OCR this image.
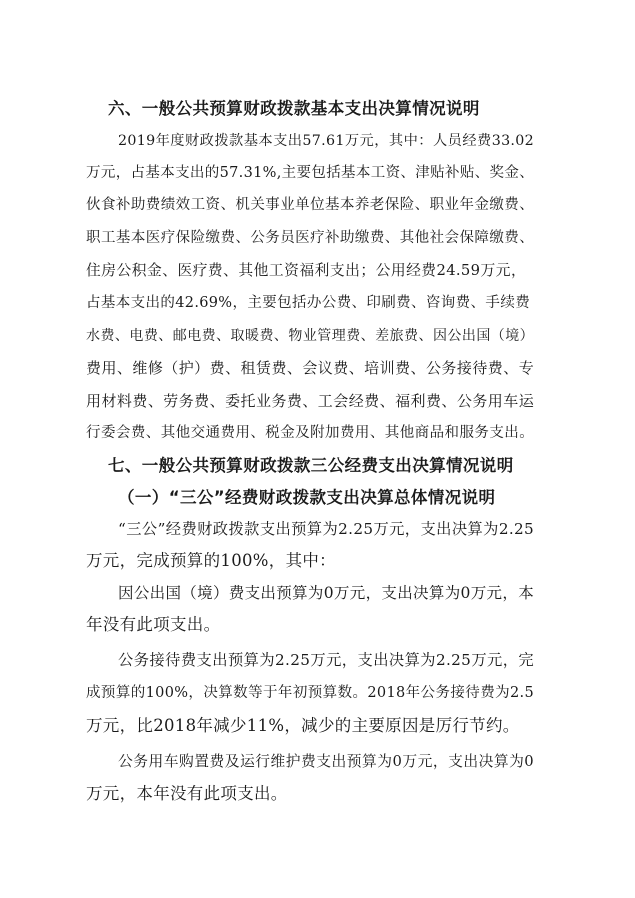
六、一般公共预算财政拨款基本支出决算情况说明
2019年度财政拨款基本支出57.61万元，其中：人员经费33.02
万元，占基本支出的57.31%,主要包括基本工资、津贴补贴、奖金、
伙食补助费绩效工资、机关事业单位基本养老保险、职业年金缴费、
职工基本医疗保险缴费、公务员医疗补助缴费、其他社会保障缴费、
住房公积金、医疗费、其他工资福利支出；公用经费24.59万元，
占基本支出的42.69%，主要包括办公费、印刷费、咨询费、手续费
水费、电费、邮电费、取暖费、物业管理费、差旅费、因公出国（境）
费用、维修（护）费、租赁费、会议费、培训费、公务接待费、专
用材料费、劳务费、委托业务费、工会经费、福利费、公务用车运
行委会费、其他交通费用、税金及附加费用、其他商品和服务支出。
七、一般公共预算财政拨款三公经费支出决算情况说明
（一）“三公”经费财政拨款支出决算总体情况说明
“三公”经费财政拨款支出预算为2.25万元，支出决算为2.25
万元，完成预算的100%，其中：
因公出国（境）费支出预算为0万元，支出决算为0万元，本
年没有此项支出。
公务接待费支出预算为2.25万元，支出决算为2.25万元，完
成预算的100%，决算数等于年初预算数。2018年公务接待费为2.5
万元，比2018年减少11%，减少的主要原因是厉行节约。
公务用车购置费及运行维护费支出预算为0万元，支出决算为0
万元，本年没有此项支出。
